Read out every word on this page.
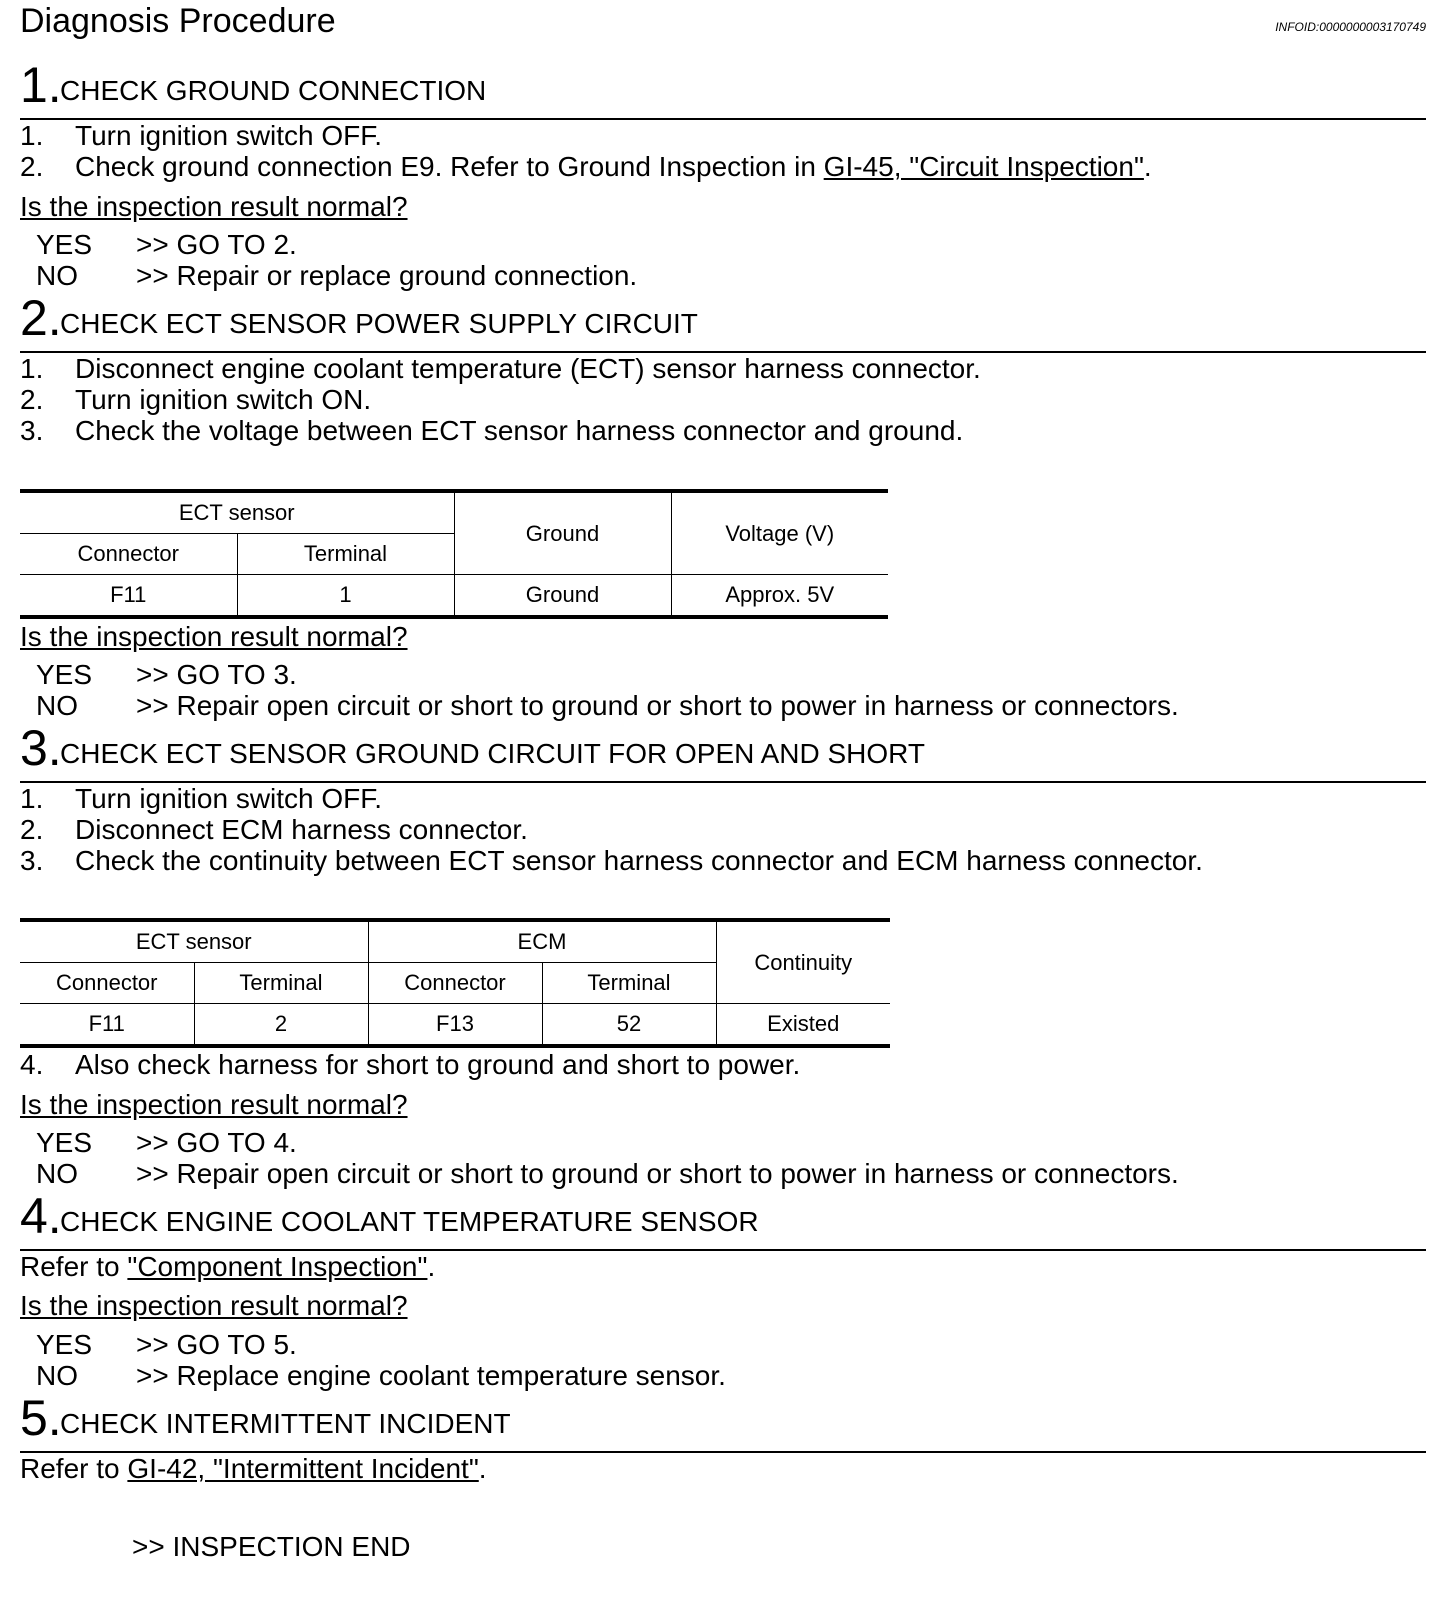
Diagnosis Procedure	INFOID:0000000003170749
1.
CHECK GROUND CONNECTION
1. Turn ignition switch OFF.
2. Check ground connection E9. Refer to Ground Inspection in GI-45, "Circuit Inspection".
Is the inspection result normal?
YES >> GO TO 2.
NO >> Repair or replace ground connection.
2.
CHECK ECT SENSOR POWER SUPPLY CIRCUIT
1. Disconnect engine coolant temperature (ECT) sensor harness connector.
2. Turn ignition switch ON.
3. Check the voltage between ECT sensor harness connector and ground.
ECT sensor		Ground	Voltage (V)
Connector	Terminal		
F11	1	Ground	Approx. 5V
Is the inspection result normal?
YES >> GO TO 3.
NO >> Repair open circuit or short to ground or short to power in harness or connectors.
3.
CHECK ECT SENSOR GROUND CIRCUIT FOR OPEN AND SHORT
1. Turn ignition switch OFF.
2. Disconnect ECM harness connector.
3. Check the continuity between ECT sensor harness connector and ECM harness connector.
ECT sensor		ECM		Continuity
Connector	Terminal	Connector	Terminal	
F11	2	F13	52	Existed
4. Also check harness for short to ground and short to power.
Is the inspection result normal?
YES >> GO TO 4.
NO >> Repair open circuit or short to ground or short to power in harness or connectors.
4.
CHECK ENGINE COOLANT TEMPERATURE SENSOR
Refer to "Component Inspection".
Is the inspection result normal?
YES >> GO TO 5.
NO >> Replace engine coolant temperature sensor.
5.
CHECK INTERMITTENT INCIDENT
Refer to GI-42, "Intermittent Incident".
>> INSPECTION END
